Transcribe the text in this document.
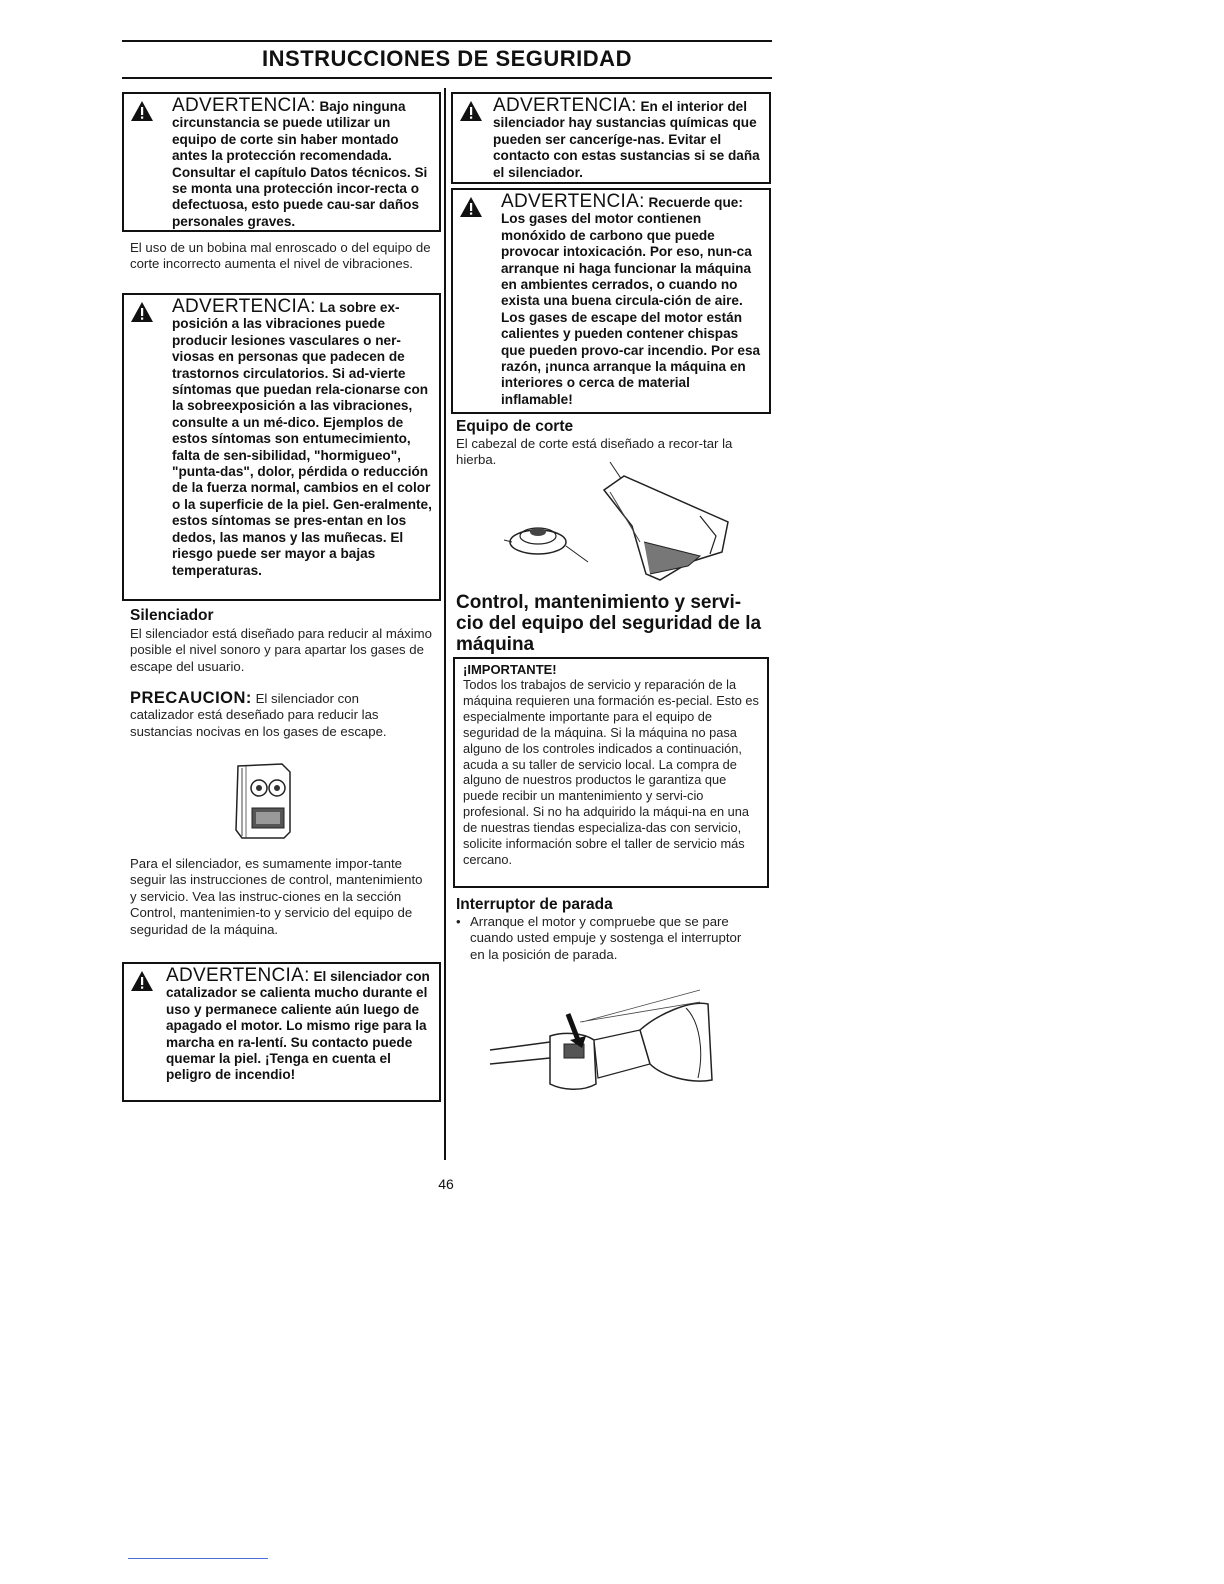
INSTRUCCIONES DE SEGURIDAD

ADVERTENCIA: Bajo ninguna circunstancia se puede utilizar un equipo de corte sin haber montado antes la protección recomendada. Consultar el capítulo Datos técnicos. Si se monta una protección incor-recta o defectuosa, esto puede cau-sar daños personales graves.

El uso de un bobina mal enroscado o del equipo de corte incorrecto aumenta el nivel de vibraciones.

ADVERTENCIA: La sobre ex- posición a las vibraciones puede producir lesiones vasculares o ner-viosas en personas que padecen de trastornos circulatorios. Si ad-vierte síntomas que puedan rela-cionarse con la sobreexposición a las vibraciones, consulte a un mé-dico. Ejemplos de estos síntomas son entumecimiento, falta de sen-sibilidad, "hormigueo", "punta-das", dolor, pérdida o reducción de la fuerza normal, cambios en el color o la superficie de la piel. Gen-eralmente, estos síntomas se pres-entan en los dedos, las manos y las muñecas. El riesgo puede ser mayor a bajas temperaturas.

Silenciador
El silenciador está diseñado para reducir al máximo posible el nivel sonoro y para apartar los gases de escape del usuario.
PRECAUCION: El silenciador con catalizador está deseñado para reducir las sustancias nocivas en los gases de escape.
Para el silenciador, es sumamente impor-tante seguir las instrucciones de control, mantenimiento y servicio. Vea las instruc-ciones en la sección Control, mantenimien-to y servicio del equipo de seguridad de la máquina.

ADVERTENCIA: El silenciador con catalizador se calienta mucho durante el uso y permanece caliente aún luego de apagado el motor. Lo mismo rige para la marcha en ra-lentí. Su contacto puede quemar la piel. ¡Tenga en cuenta el peligro de incendio!

ADVERTENCIA: En el interior del silenciador hay sustancias químicas que pueden ser cancerígе-nas. Evitar el contacto con estas sustancias si se daña el silenciador.

ADVERTENCIA: Recuerde que: Los gases del motor contienen monóxido de carbono que puede provocar intoxicación. Por eso, nun-ca arranque ni haga funcionar la máquina en ambientes cerrados, o cuando no exista una buena circula-ción de aire. Los gases de escape del motor están calientes y pueden contener chispas que pueden provo-car incendio. Por esa razón, ¡nunca arranque la máquina en interiores o cerca de material inflamable!

Equipo de corte
El cabezal de corte está diseñado a recor-tar la hierba.
Control, mantenimiento y servi-cio del equipo del seguridad de la máquina
¡IMPORTANTE!
Todos los trabajos de servicio y reparación de la máquina requieren una formación es-pecial. Esto es especialmente importante para el equipo de seguridad de la máquina. Si la máquina no pasa alguno de los controles indicados a continuación, acuda a su taller de servicio local. La compra de alguno de nuestros productos le garantiza que puede recibir un mantenimiento y servi-cio profesional. Si no ha adquirido la máqui-na en una de nuestras tiendas especializa-das con servicio, solicite información sobre el taller de servicio más cercano.
Interruptor de parada
• Arranque el motor y compruebe que se pare cuando usted empuje y sostenga el interruptor en la posición de parada.
46
